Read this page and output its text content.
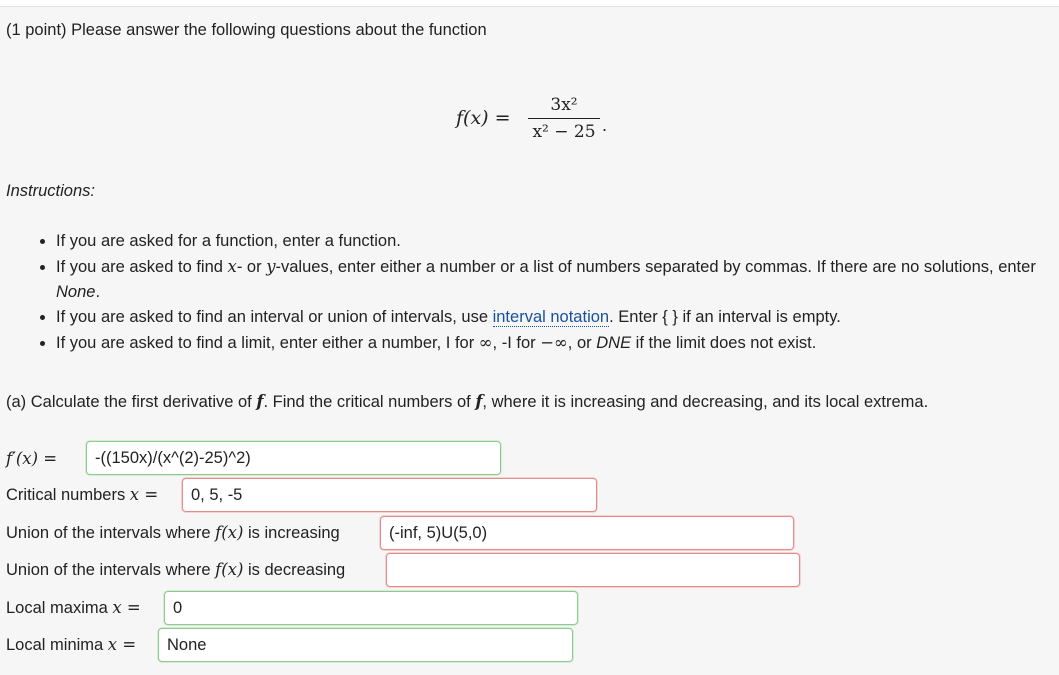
(1 point) Please answer the following questions about the function
f(x) =
3x²
x² − 25 .
Instructions:
• If you are asked for a function, enter a function.
• If you are asked to find x- or y-values, enter either a number or a list of numbers separated by commas. If there are no solutions, enter None.
• If you are asked to find an interval or union of intervals, use interval notation. Enter { } if an interval is empty.
• If you are asked to find a limit, enter either a number, I for ∞, -I for −∞, or DNE if the limit does not exist.
(a) Calculate the first derivative of f. Find the critical numbers of f, where it is increasing and decreasing, and its local extrema.
f′(x) =
-((150x)/(x^(2)-25)^2)
Critical numbers x =
0, 5, -5
Union of the intervals where f(x) is increasing
(-inf, 5)U(5,0)
Union of the intervals where f(x) is decreasing
Local maxima x =
0
Local minima x =
None
